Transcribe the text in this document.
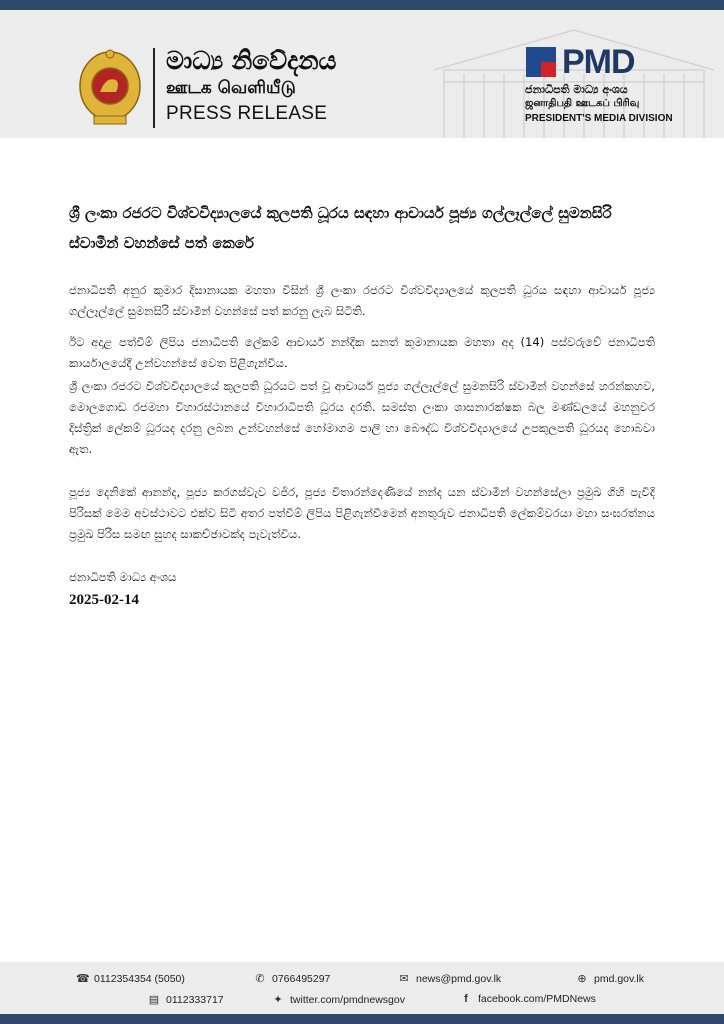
මාධ්‍ය නිවේදනය
ஊடக வெளியீடு
PRESS RELEASE
PMD
ජනාධිපති මාධ්‍ය අංශය
ஜனாதிபதி ஊடகப் பிரிவு
PRESIDENT'S MEDIA DIVISION
ශ්‍රී ලංකා රජරට විශ්වවිද්‍යාලයේ කුලපති ධූරය සඳහා ආචාර්ය පූජ්‍ය ගල්ලෑල්ලේ සුමනසිරි ස්වාමීන් වහන්සේ පත් කෙරේ
ජනාධිපති අනුර කුමාර දිසානායක මහතා විසින් ශ්‍රී ලංකා රජරට විශ්වවිද්‍යාලයේ කුලපති ධූරය සඳහා ආචාර්ය පූජ්‍ය ගල්ලෑල්ලේ සුමනසිරි ස්වාමීන් වහන්සේ පත් කරනු ලැබ සිටිති.
ඊට අදාළ පත්වීම් ලිපිය ජනාධිපති ලේකම් ආචාර්ය නන්දික සනත් කුමානායක මහතා අද (14) පස්වරුවේ ජනාධිපති කාර්යාලයේදී උන්වහන්සේ වෙත පිළිගැන්විය.
ශ්‍රී ලංකා රජරට විශ්වවිද්‍යාලයේ කුලපති ධූරයට පත් වූ ආචාර්ය පූජ්‍ය ගල්ලෑල්ලේ සුමනසිරි ස්වාමීන් වහන්සේ හරන්කහව, මොලගොඩ රජමහා විහාරස්ථානයේ විහාරාධිපති ධූරය දරති. සමස්ත ලංකා ශාසනාරක්ෂක බල මණ්ඩලයේ මහනුවර දිස්ත්‍රික් ලේකම් ධූරයද දරනු ලබන උන්වහන්සේ හෝමාගම පාලි හා බෞද්ධ විශ්වවිද්‍යාලයේ උපකුලපති ධූරයද හොබවා ඇත.
පූජ්‍ය දෙනිකේ ආනන්ද, පූජ්‍ය කරගස්වැව වජිර, පූජ්‍ය විතාරන්දෙණියේ නන්ද යන ස්වාමීන් වහන්සේලා ප්‍රමුඛ ගිහි පැවිදි පිරිසක් මෙම අවස්ථාවට එක්ව සිටි අතර පත්වීම් ලිපිය පිළිගැන්වීමෙන් අනතුරුව ජනාධිපති ලේකම්වරයා මහා සංඝරත්නය ප්‍රමුඛ පිරිස සමඟ සුහද සාකච්ඡාවක්ද පැවැත්විය.
ජනාධිපති මාධ්‍ය අංශය
2025-02-14
☎ 0112354354 (5050)	✆ 0766495297	✉ news@pmd.gov.lk	⊕ pmd.gov.lk
▤ 0112333717	✦ twitter.com/pmdnewsgov	f facebook.com/PMDNews
